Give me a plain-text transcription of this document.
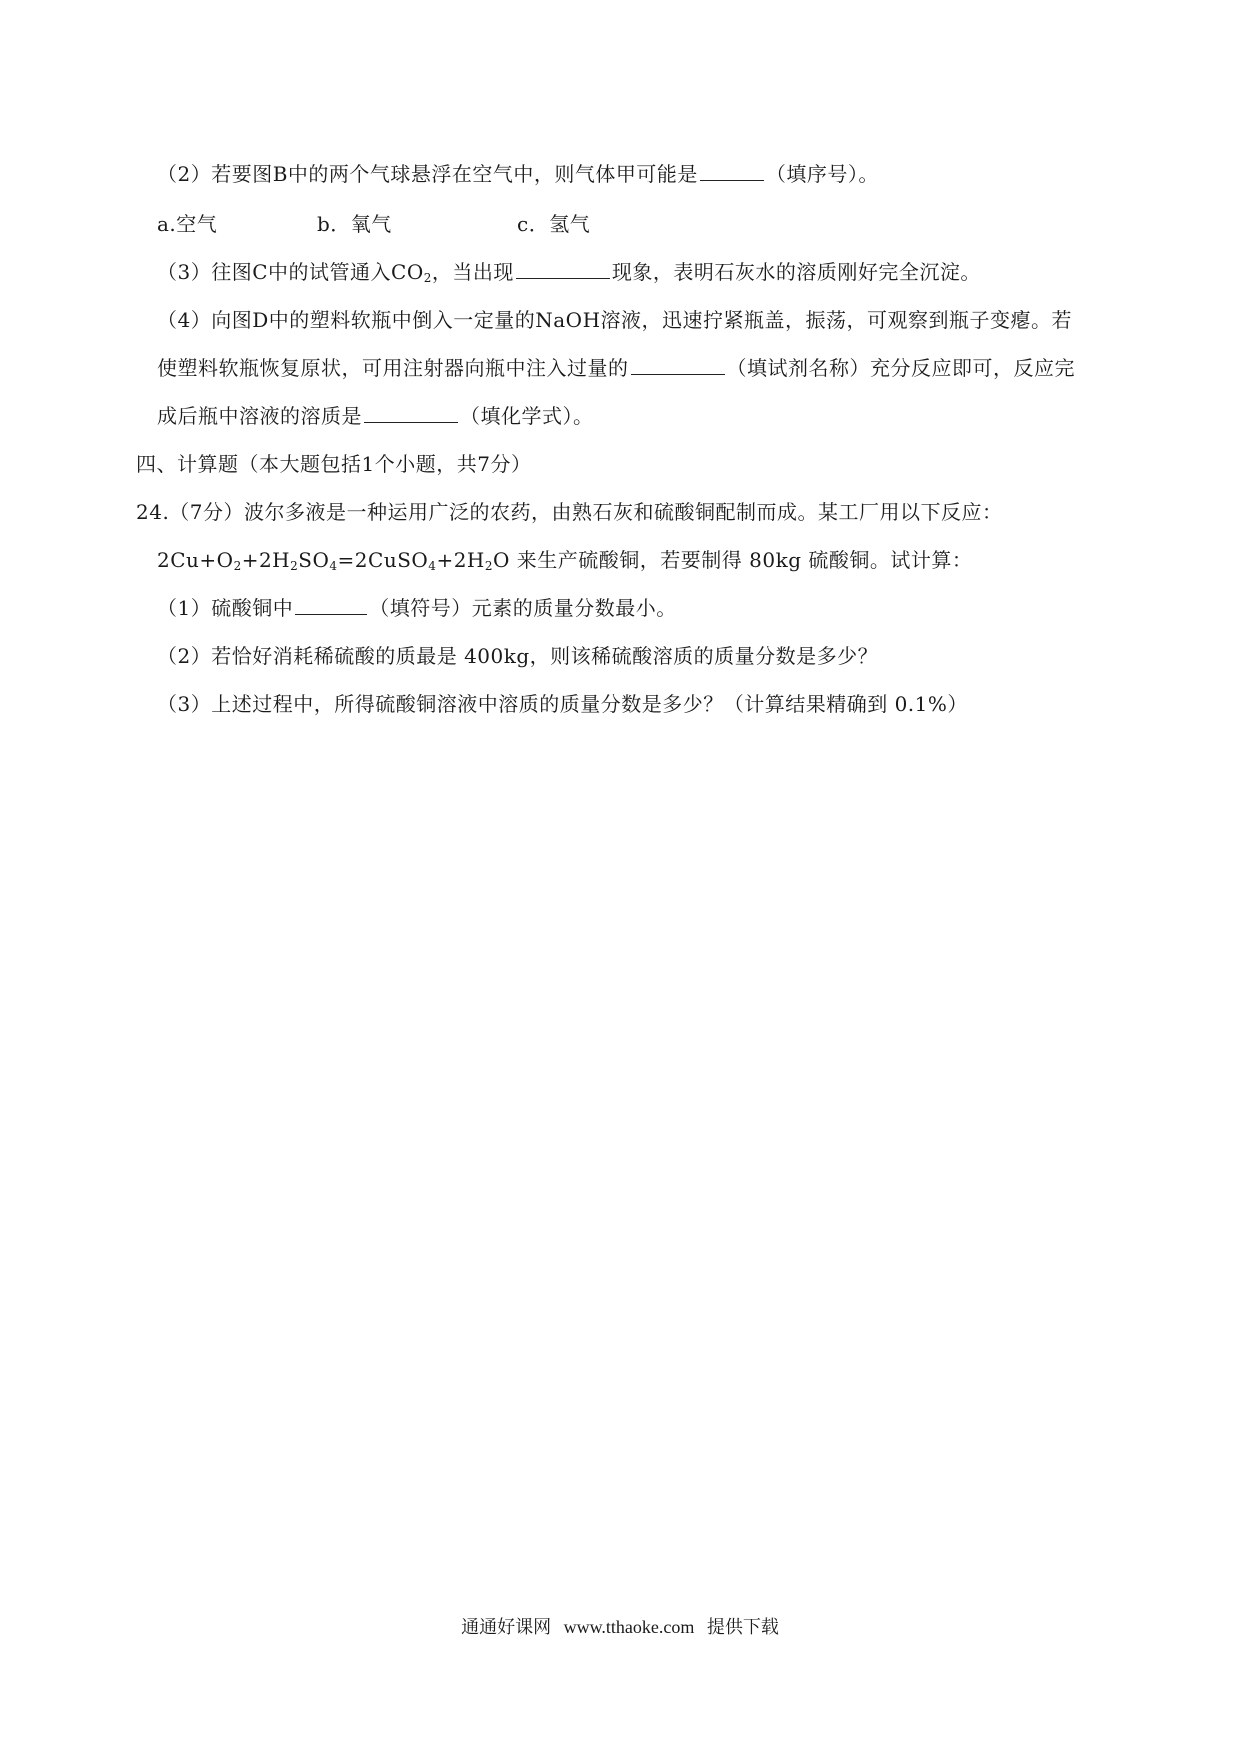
（2）若要图B中的两个气球悬浮在空气中，则气体甲可能是	（填序号）。
a.空气	b．氧气	c．氢气
（3）往图C中的试管通入$CO_2$，当出现	现象，表明石灰水的溶质刚好完全沉淀。
（4）向图D中的塑料软瓶中倒入一定量的NaOH溶液，迅速拧紧瓶盖，振荡，可观察到瓶子变瘪。若
使塑料软瓶恢复原状，可用注射器向瓶中注入过量的	（填试剂名称）充分反应即可，反应完
成后瓶中溶液的溶质是	（填化学式）。
四、计算题（本大题包括1个小题，共7分）
24.（7分）波尔多液是一种运用广泛的农药，由熟石灰和硫酸铜配制而成。某工厂用以下反应：
$2Cu+O_2+2H_2SO_4=2CuSO_4+2H_2O$ 来生产硫酸铜，若要制得 80kg 硫酸铜。试计算：
（1）硫酸铜中	（填符号）元素的质量分数最小。
（2）若恰好消耗稀硫酸的质最是 400kg，则该稀硫酸溶质的质量分数是多少？
（3）上述过程中，所得硫酸铜溶液中溶质的质量分数是多少？（计算结果精确到 0.1%）
通通好课网 www.tthaoke.com 提供下载
